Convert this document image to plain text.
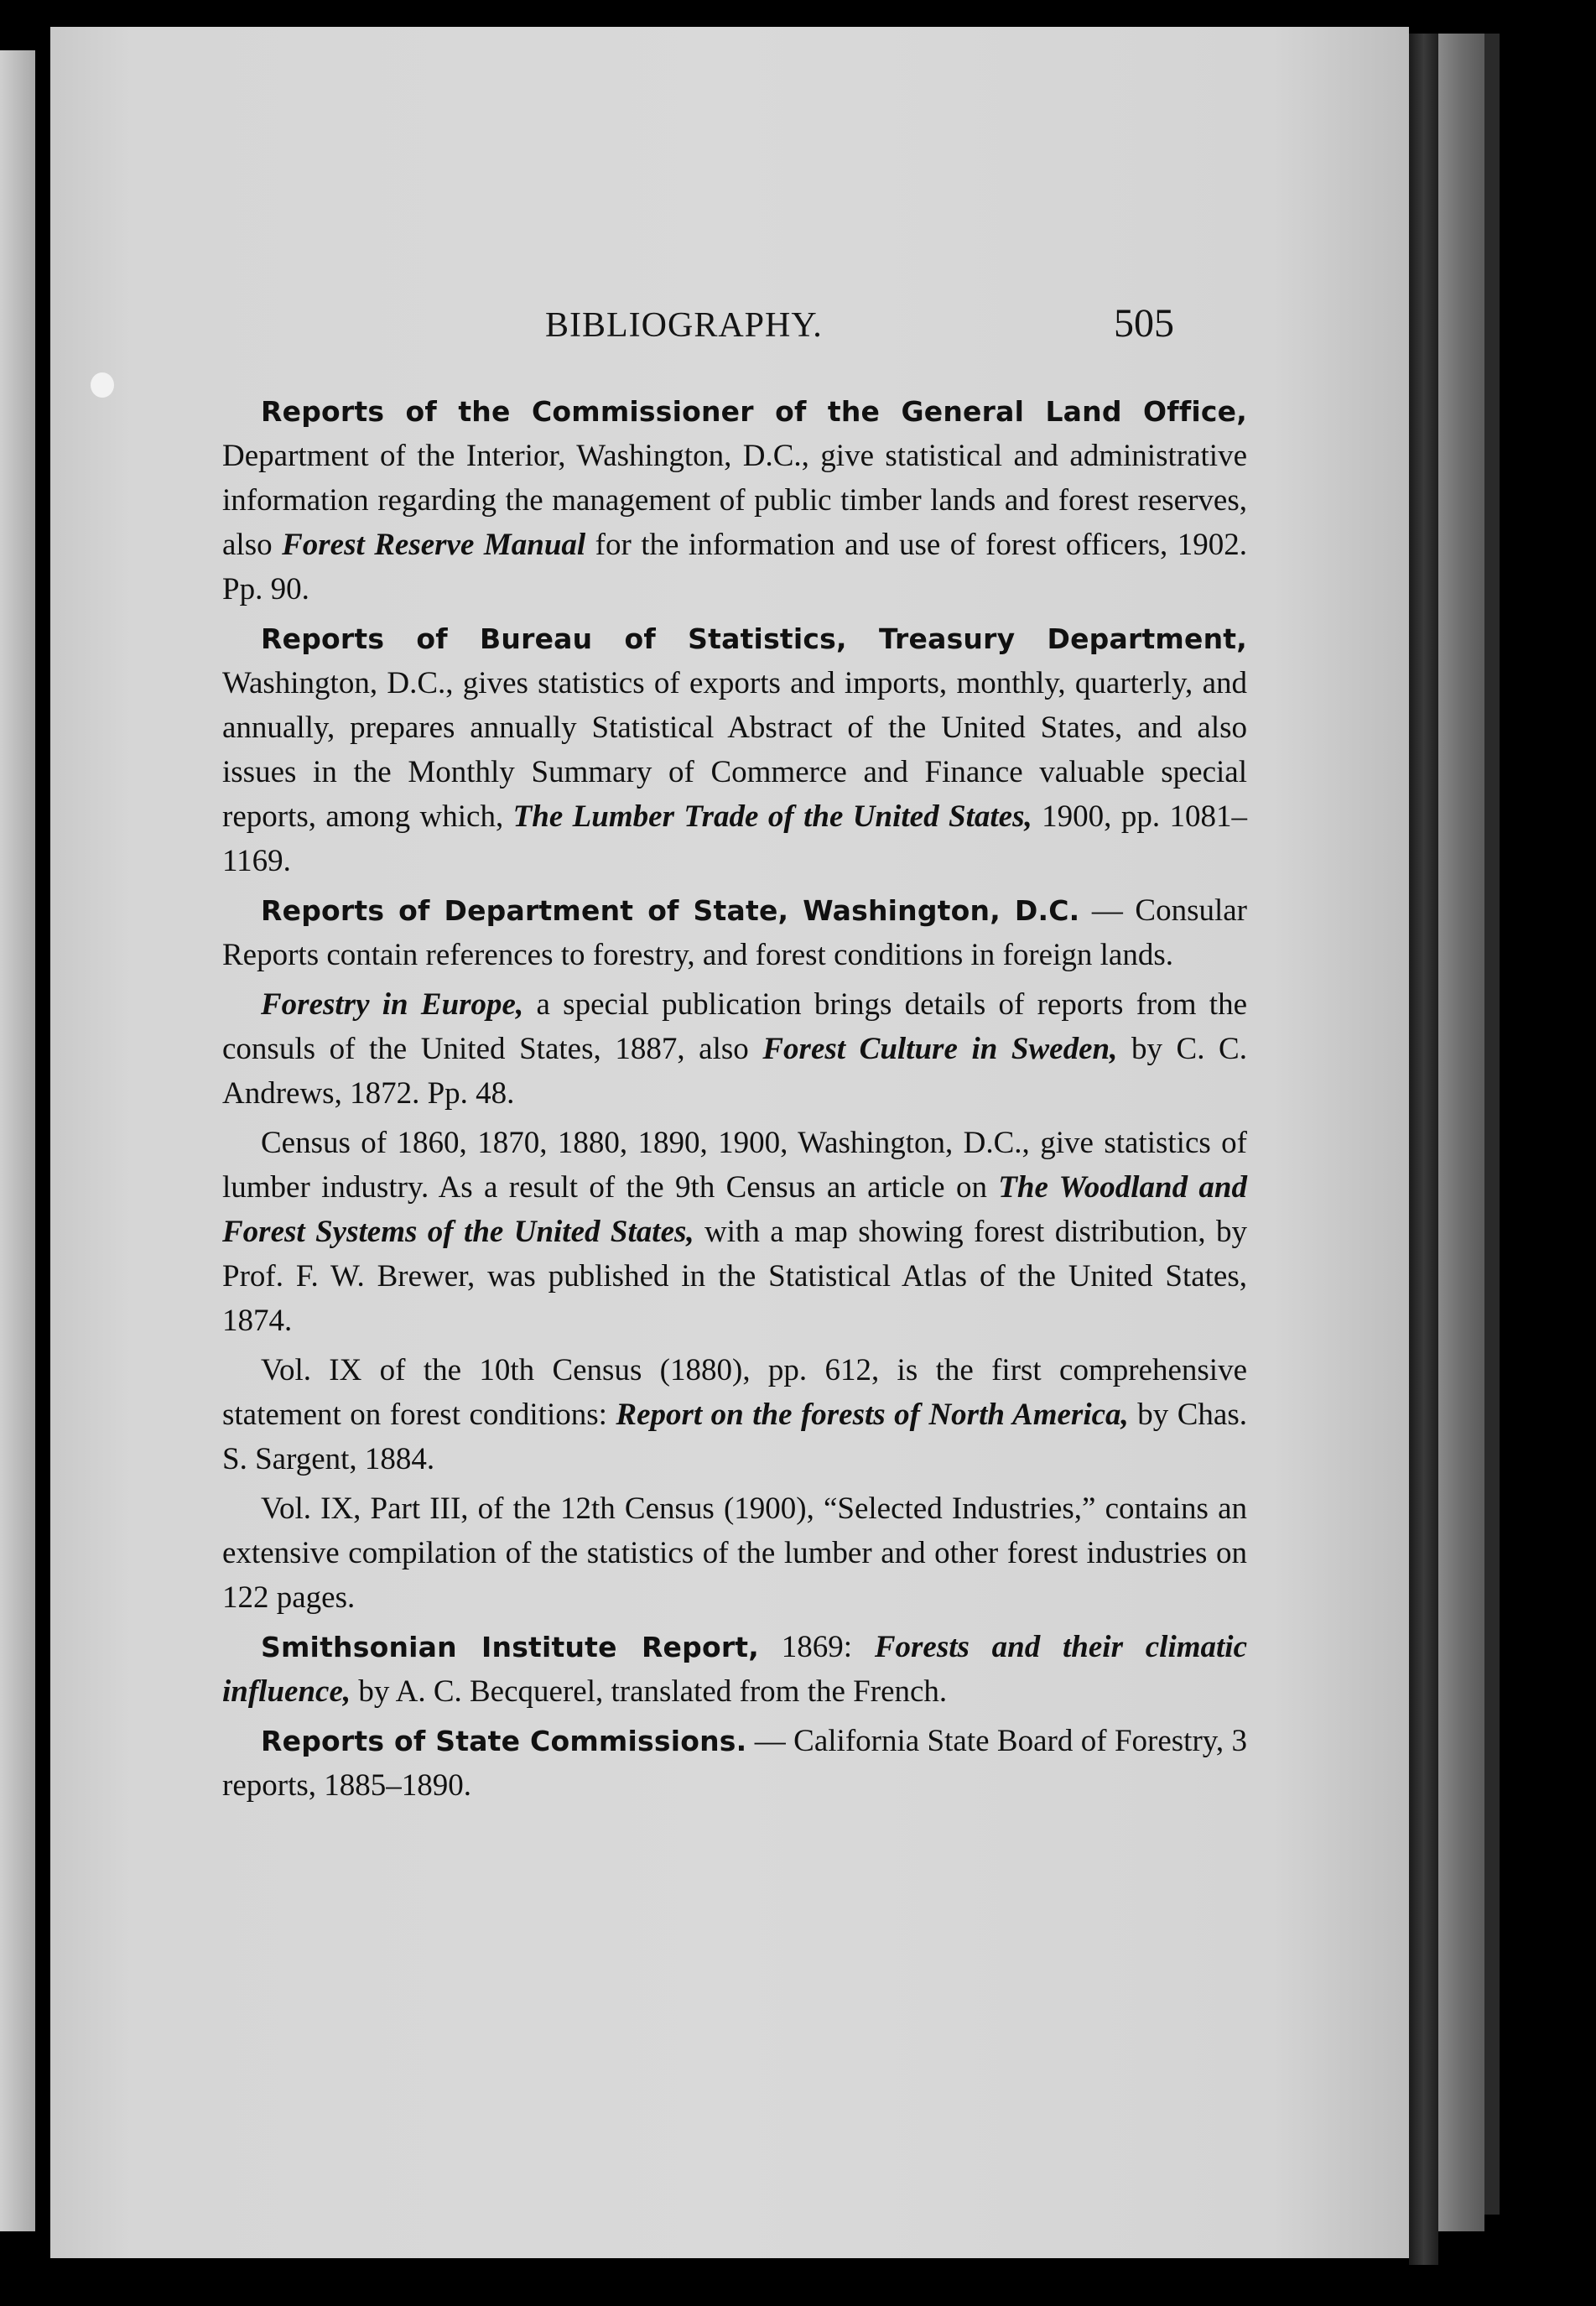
BIBLIOGRAPHY.	505

Reports of the Commissioner of the General Land Office, Department of the Interior, Washington, D.C., give statistical and administrative information regarding the management of public timber lands and forest reserves, also Forest Reserve Manual for the information and use of forest officers, 1902. Pp. 90.

Reports of Bureau of Statistics, Treasury Department, Washington, D.C., gives statistics of exports and imports, monthly, quarterly, and annually, prepares annually Statistical Abstract of the United States, and also issues in the Monthly Summary of Commerce and Finance valuable special reports, among which, The Lumber Trade of the United States, 1900, pp. 1081–1169.

Reports of Department of State, Washington, D.C. — Consular Reports contain references to forestry, and forest conditions in foreign lands.

Forestry in Europe, a special publication brings details of reports from the consuls of the United States, 1887, also Forest Culture in Sweden, by C. C. Andrews, 1872. Pp. 48.

Census of 1860, 1870, 1880, 1890, 1900, Washington, D.C., give statistics of lumber industry. As a result of the 9th Census an article on The Woodland and Forest Systems of the United States, with a map showing forest distribution, by Prof. F. W. Brewer, was published in the Statistical Atlas of the United States, 1874.

Vol. IX of the 10th Census (1880), pp. 612, is the first comprehensive statement on forest conditions: Report on the forests of North America, by Chas. S. Sargent, 1884.

Vol. IX, Part III, of the 12th Census (1900), “Selected Industries,” contains an extensive compilation of the statistics of the lumber and other forest industries on 122 pages.

Smithsonian Institute Report, 1869: Forests and their climatic influence, by A. C. Becquerel, translated from the French.

Reports of State Commissions. — California State Board of Forestry, 3 reports, 1885–1890.
